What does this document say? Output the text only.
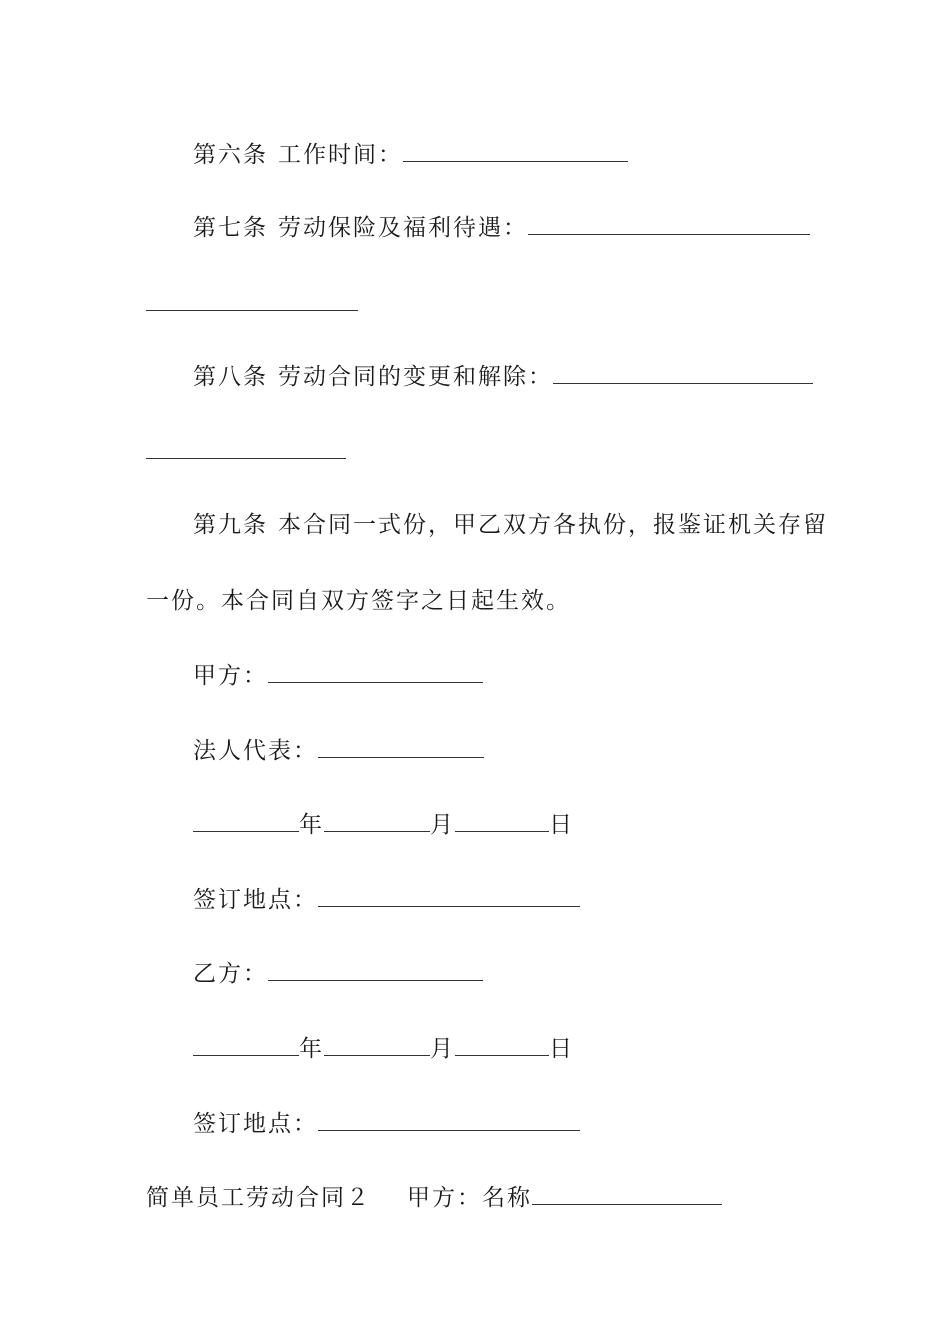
第六条 工作时间：
第七条 劳动保险及福利待遇：
第八条 劳动合同的变更和解除：
第九条 本合同一式份，甲乙双方各执份，报鉴证机关存留
一份。本合同自双方签字之日起生效。
甲方：
法人代表：
年	月	日
签订地点：
乙方：
年	月	日
签订地点：
简单员工劳动合同２ 甲方：名称
